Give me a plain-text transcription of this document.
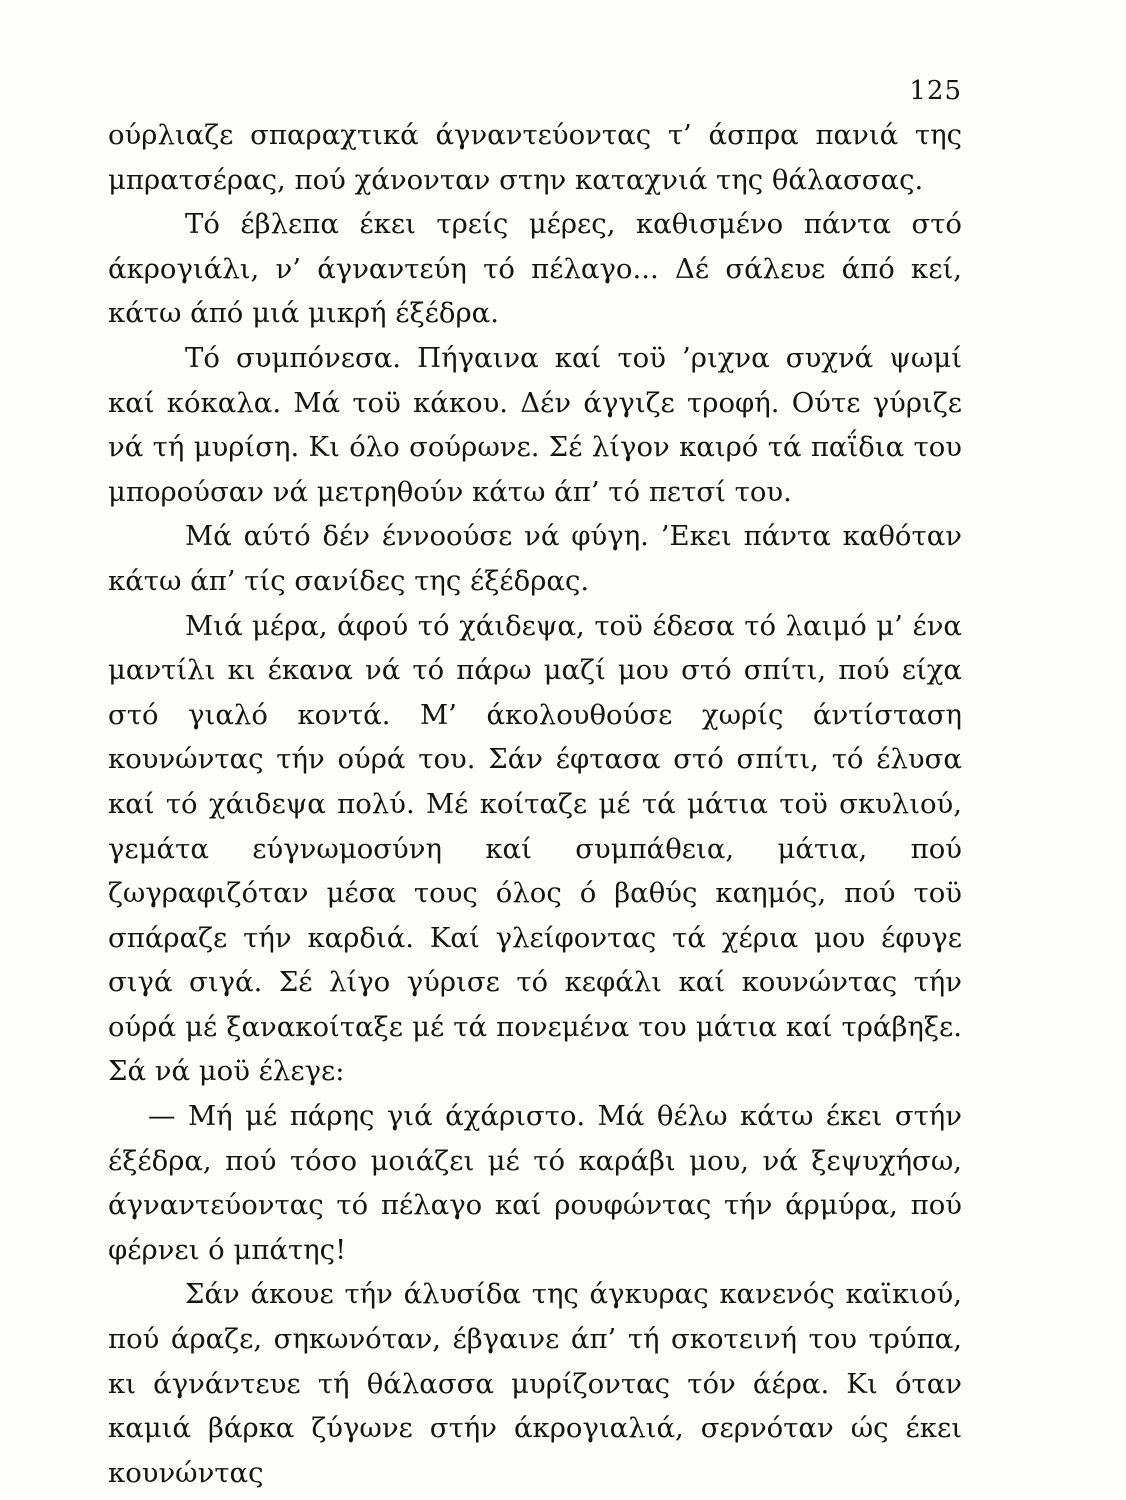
125

ούρλιαζε σπαραχτικά άγναντεύοντας τ’ άσπρα πανιά της μπρατσέρας, πού χάνονταν στην καταχνιά της θάλασσας.

Τό έβλεπα έκει τρείς μέρες, καθισμένο πάντα στό άκρογιάλι, ν’ άγναντεύη τό πέλαγο... Δέ σάλευε άπό κεί, κάτω άπό μιά μικρή έξέδρα.

Τό συμπόνεσα. Πήγαινα καί τοϋ ’ριχνα συχνά ψωμί καί κόκαλα. Μά τοϋ κάκου. Δέν άγγιζε τροφή. Ούτε γύριζε νά τή μυρίση. Κι όλο σούρωνε. Σέ λίγον καιρό τά παΐδια του μπορούσαν νά μετρηθούν κάτω άπ’ τό πετσί του.

Μά αύτό δέν έννοούσε νά φύγη. ’Εκει πάντα καθόταν κάτω άπ’ τίς σανίδες της έξέδρας.

Μιά μέρα, άφού τό χάιδεψα, τοϋ έδεσα τό λαιμό μ’ ένα μαντίλι κι έκανα νά τό πάρω μαζί μου στό σπίτι, πού είχα στό γιαλό κοντά. Μ’ άκολουθούσε χωρίς άντίσταση κουνώντας τήν ούρά του. Σάν έφτασα στό σπίτι, τό έλυσα καί τό χάιδεψα πολύ. Μέ κοίταζε μέ τά μάτια τοϋ σκυλιού, γεμάτα εύγνωμοσύνη καί συμπάθεια, μάτια, πού ζωγραφιζόταν μέσα τους όλος ό βαθύς καημός, πού τοϋ σπάραζε τήν καρδιά. Καί γλείφοντας τά χέρια μου έφυγε σιγά σιγά. Σέ λίγο γύρισε τό κεφάλι καί κουνώντας τήν ούρά μέ ξανακοίταξε μέ τά πονεμένα του μάτια καί τράβηξε. Σά νά μοϋ έλεγε:

— Μή μέ πάρης γιά άχάριστο. Μά θέλω κάτω έκει στήν έξέδρα, πού τόσο μοιάζει μέ τό καράβι μου, νά ξεψυχήσω, άγναντεύοντας τό πέλαγο καί ρουφώντας τήν άρμύρα, πού φέρνει ό μπάτης!

Σάν άκουε τήν άλυσίδα της άγκυρας κανενός καϊκιού, πού άραζε, σηκωνόταν, έβγαινε άπ’ τή σκοτεινή του τρύπα, κι άγνάντευε τή θάλασσα μυρίζοντας τόν άέρα. Κι όταν καμιά βάρκα ζύγωνε στήν άκρογιαλιά, σερνόταν ώς έκει κουνώντας
